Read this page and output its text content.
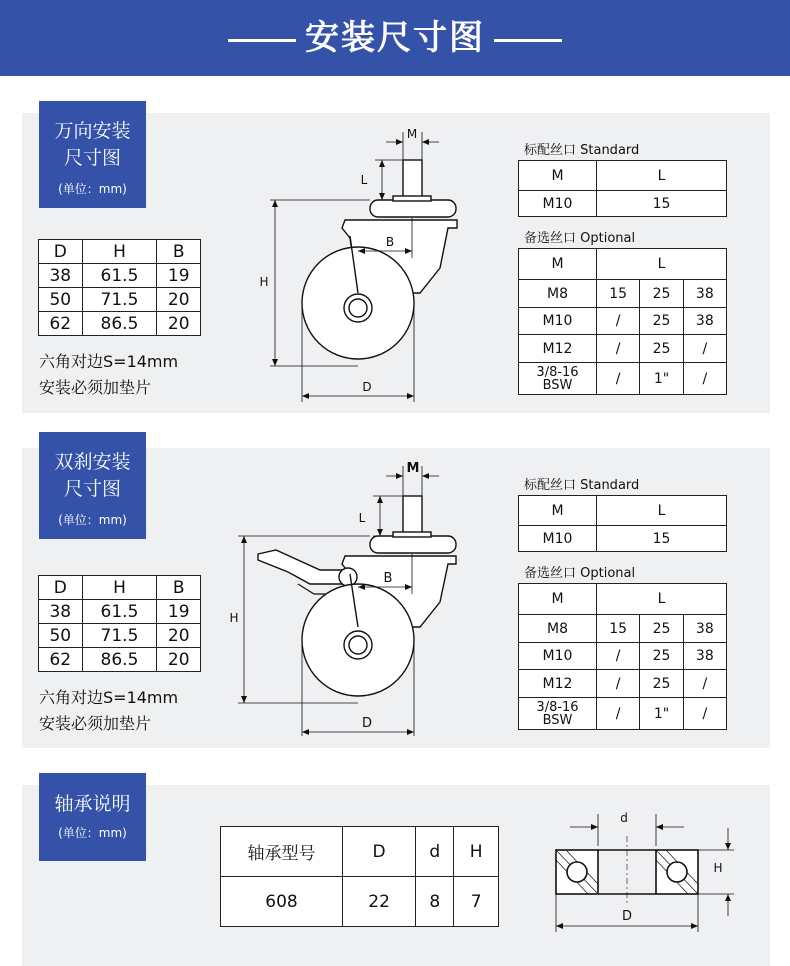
安装尺寸图
万向安装
尺寸图
(单位：mm)
D	H	B
38	61.5	19
50	71.5	20
62	86.5	20
六角对边S=14mm
安装必须加垫片
M
L
B
H
D
标配丝口 Standard
M	L
M10	15
备选丝口 Optional
M	L		
M8	15	25	38
M10	/	25	38
M12	/	25	/

3/8-16
BSW	/	1"	/
双刹安装
尺寸图
(单位：mm)
D	H	B
38	61.5	19
50	71.5	20
62	86.5	20
六角对边S=14mm
安装必须加垫片
M
L
B
H
D
标配丝口 Standard
M	L
M10	15
备选丝口 Optional
M	L		
M8	15	25	38
M10	/	25	38
M12	/	25	/

3/8-16
BSW	/	1"	/
轴承说明
(单位：mm)
轴承型号	D	d	H
608	22	8	7
d
H
D
